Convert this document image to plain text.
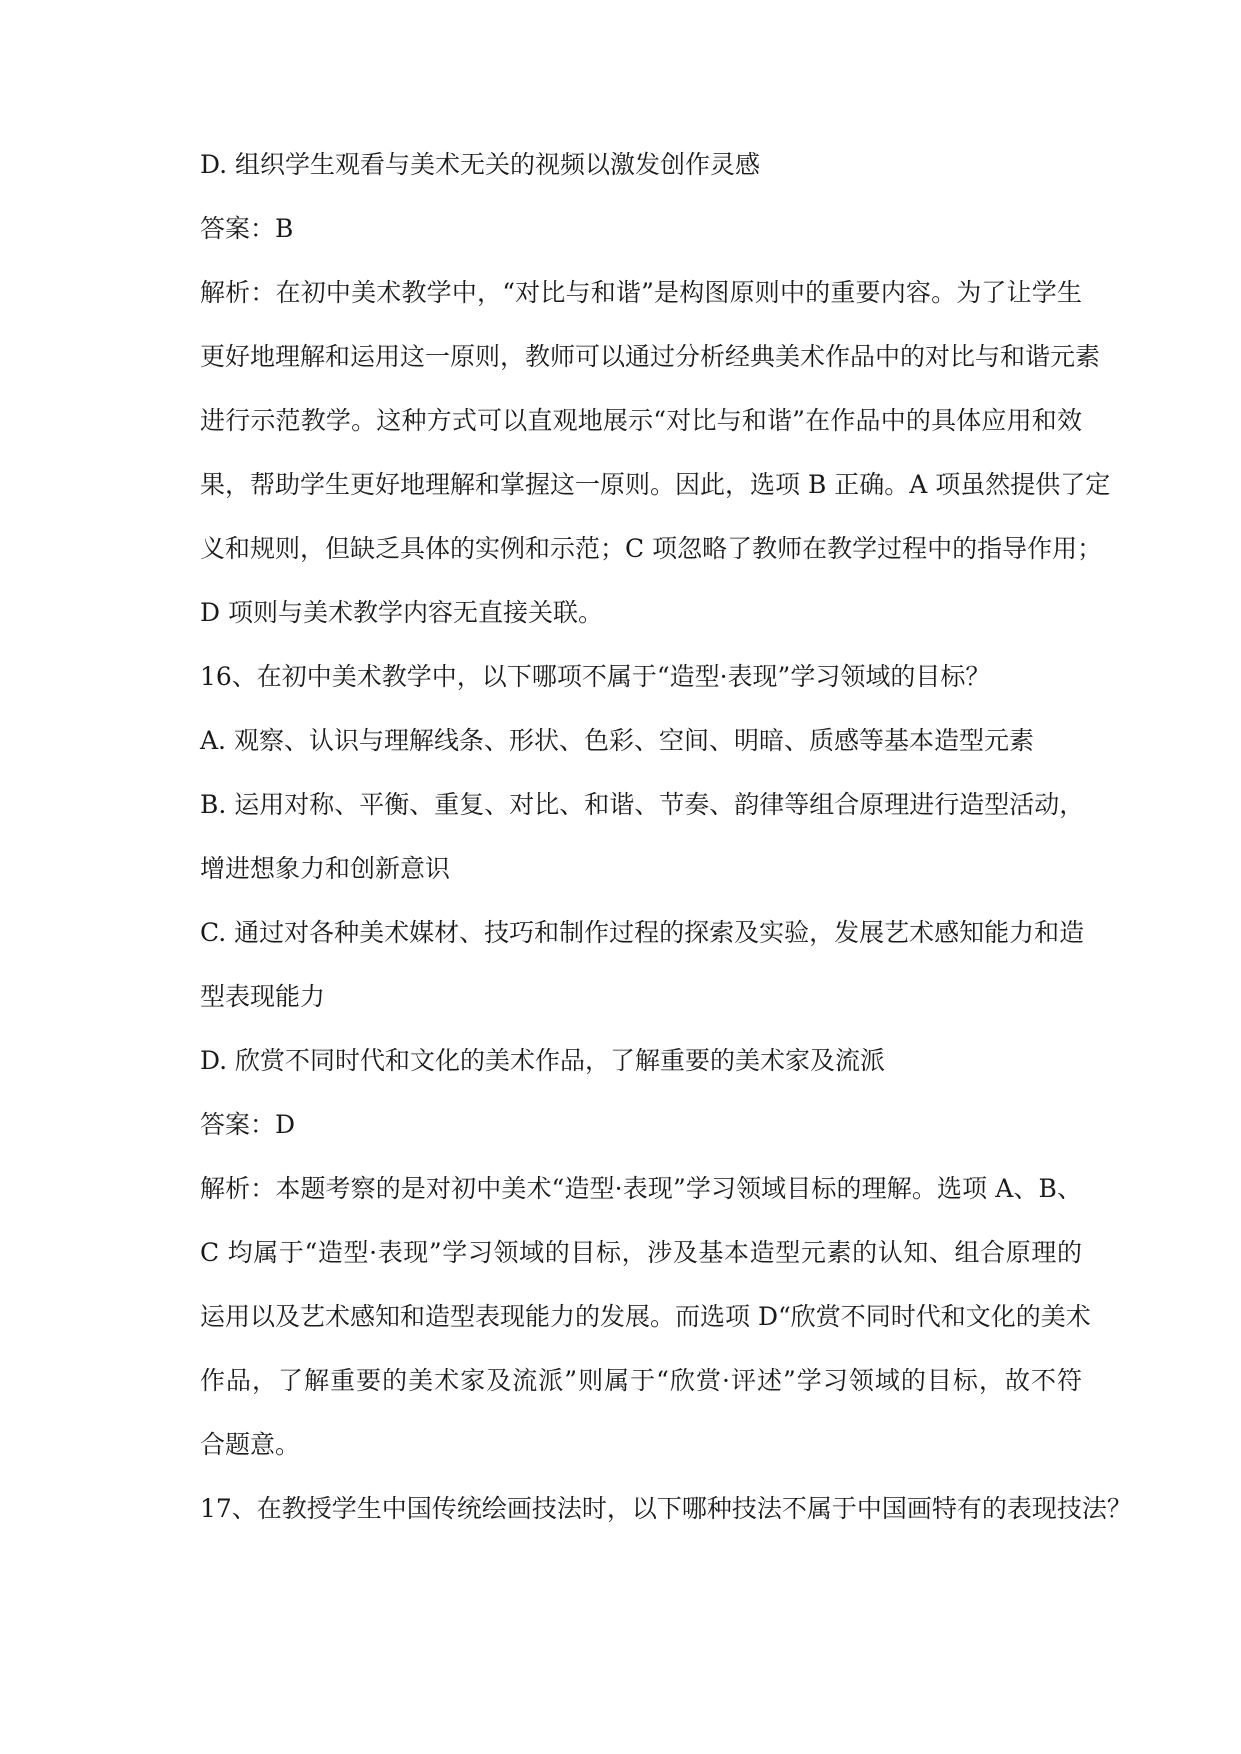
D. 组织学生观看与美术无关的视频以激发创作灵感

答案：B

解析：在初中美术教学中，“对比与和谐”是构图原则中的重要内容。为了让学生

更好地理解和运用这一原则，教师可以通过分析经典美术作品中的对比与和谐元素

进行示范教学。这种方式可以直观地展示“对比与和谐”在作品中的具体应用和效

果，帮助学生更好地理解和掌握这一原则。因此，选项 B 正确。A 项虽然提供了定

义和规则，但缺乏具体的实例和示范；C 项忽略了教师在教学过程中的指导作用；

D 项则与美术教学内容无直接关联。

16、在初中美术教学中，以下哪项不属于“造型·表现”学习领域的目标？

A. 观察、认识与理解线条、形状、色彩、空间、明暗、质感等基本造型元素

B. 运用对称、平衡、重复、对比、和谐、节奏、韵律等组合原理进行造型活动，

增进想象力和创新意识

C. 通过对各种美术媒材、技巧和制作过程的探索及实验，发展艺术感知能力和造

型表现能力

D. 欣赏不同时代和文化的美术作品，了解重要的美术家及流派

答案：D

解析：本题考察的是对初中美术“造型·表现”学习领域目标的理解。选项 A、B、

C 均属于“造型·表现”学习领域的目标，涉及基本造型元素的认知、组合原理的

运用以及艺术感知和造型表现能力的发展。而选项 D“欣赏不同时代和文化的美术

作品，了解重要的美术家及流派”则属于“欣赏·评述”学习领域的目标，故不符

合题意。

17、在教授学生中国传统绘画技法时，以下哪种技法不属于中国画特有的表现技法？
